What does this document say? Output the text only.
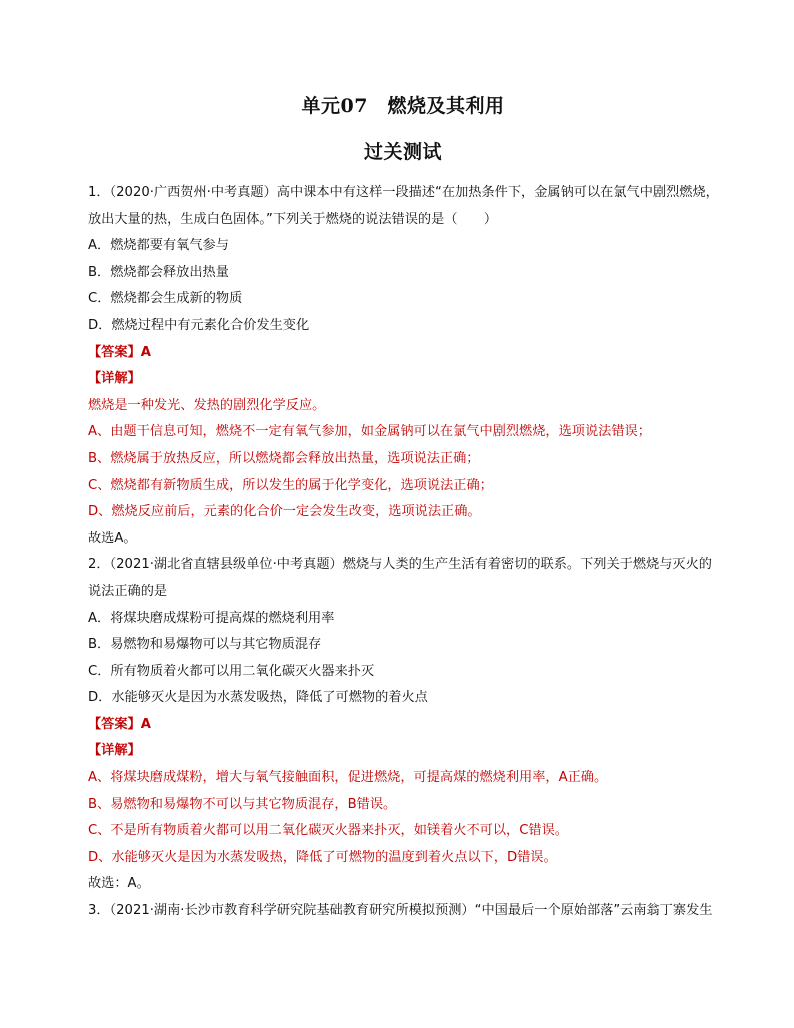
单元07　燃烧及其利用

过关测试

1．（2020·广西贺州·中考真题）高中课本中有这样一段描述“在加热条件下，金属钠可以在氯气中剧烈燃烧，

放出大量的热，生成白色固体。”下列关于燃烧的说法错误的是（　　）

A．燃烧都要有氧气参与

B．燃烧都会释放出热量

C．燃烧都会生成新的物质

D．燃烧过程中有元素化合价发生变化

【答案】A

【详解】

燃烧是一种发光、发热的剧烈化学反应。

A、由题干信息可知，燃烧不一定有氧气参加，如金属钠可以在氯气中剧烈燃烧，选项说法错误；

B、燃烧属于放热反应，所以燃烧都会释放出热量，选项说法正确；

C、燃烧都有新物质生成，所以发生的属于化学变化，选项说法正确；

D、燃烧反应前后，元素的化合价一定会发生改变，选项说法正确。

故选A。

2．（2021·湖北省直辖县级单位·中考真题）燃烧与人类的生产生活有着密切的联系。下列关于燃烧与灭火的

说法正确的是

A．将煤块磨成煤粉可提高煤的燃烧利用率

B．易燃物和易爆物可以与其它物质混存

C．所有物质着火都可以用二氧化碳灭火器来扑灭

D．水能够灭火是因为水蒸发吸热，降低了可燃物的着火点

【答案】A

【详解】

A、将煤块磨成煤粉，增大与氧气接触面积，促进燃烧，可提高煤的燃烧利用率，A正确。

B、易燃物和易爆物不可以与其它物质混存，B错误。

C、不是所有物质着火都可以用二氧化碳灭火器来扑灭，如镁着火不可以，C错误。

D、水能够灭火是因为水蒸发吸热，降低了可燃物的温度到着火点以下，D错误。

故选：A。

3．（2021·湖南·长沙市教育科学研究院基础教育研究所模拟预测）“中国最后一个原始部落”云南翁丁寨发生
